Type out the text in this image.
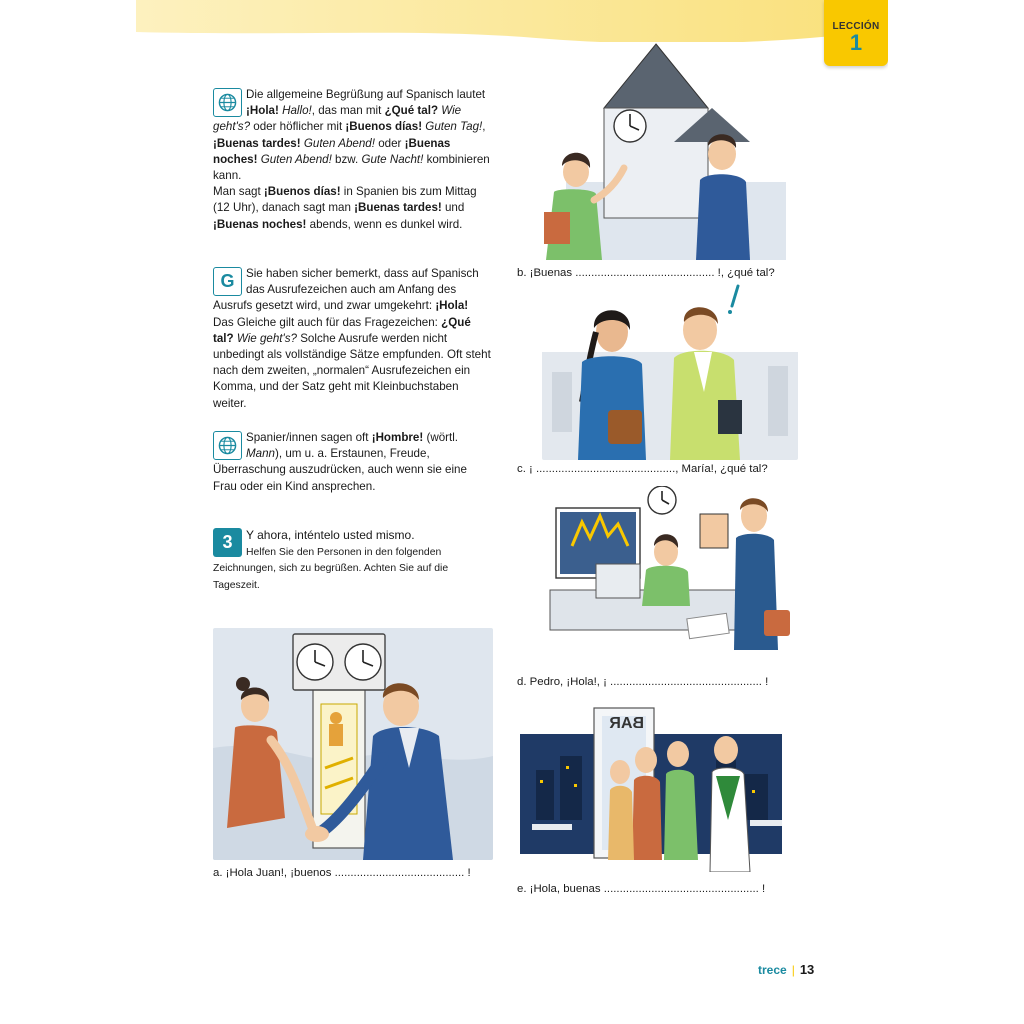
LECCIÓN
1
Die allgemeine Begrüßung auf Spanisch lautet ¡Hola! Hallo!, das man mit ¿Qué tal? Wie geht's? oder höflicher mit ¡Buenos días! Guten Tag!, ¡Buenas tardes! Guten Abend! oder ¡Buenas noches! Guten Abend! bzw. Gute Nacht! kombinieren kann.
Man sagt ¡Buenos días! in Spanien bis zum Mittag (12 Uhr), danach sagt man ¡Buenas tardes! und ¡Buenas noches! abends, wenn es dunkel wird.
G Sie haben sicher bemerkt, dass auf Spanisch das Ausrufezeichen auch am Anfang des Ausrufs gesetzt wird, und zwar umgekehrt: ¡Hola! Das Gleiche gilt auch für das Fragezeichen: ¿Qué tal? Wie geht's? Solche Ausrufe werden nicht unbedingt als vollständige Sätze empfunden. Oft steht nach dem zweiten, „normalen“ Ausrufezeichen ein Komma, und der Satz geht mit Kleinbuchstaben weiter.
Spanier/innen sagen oft ¡Hombre! (wörtl. Mann), um u. a. Erstaunen, Freude, Überraschung auszudrücken, auch wenn sie eine Frau oder ein Kind ansprechen.
3	Y ahora, inténtelo usted mismo.
Helfen Sie den Personen in den folgenden Zeichnungen, sich zu begrüßen. Achten Sie auf die Tageszeit.
a. ¡Hola Juan!, ¡buenos ......................................... !
b. ¡Buenas ............................................ !, ¿qué tal?
c. ¡ ............................................, María!, ¿qué tal?
d. Pedro, ¡Hola!, ¡ ................................................ !
BAR
e. ¡Hola, buenas ................................................. !
trece | 13
